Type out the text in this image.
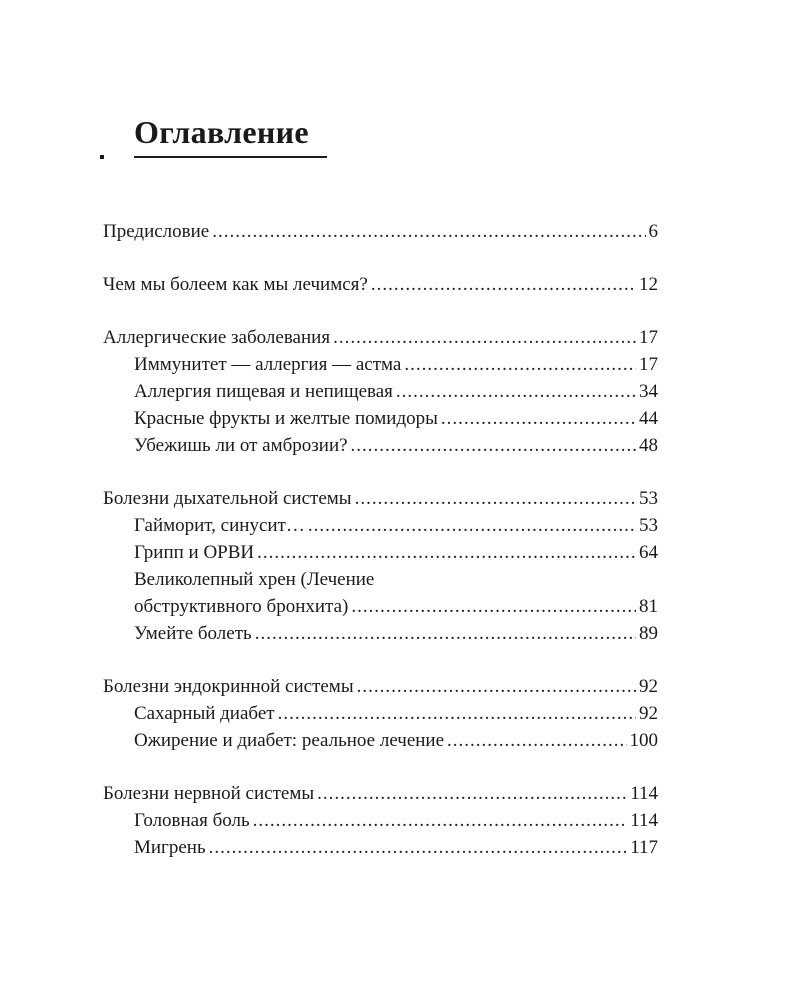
Оглавление
Предисловие .....	6
Чем мы болеем как мы лечимся? .....	12
Аллергические заболевания .....	17
Иммунитет — аллергия — астма .....	17
Аллергия пищевая и непищевая .....	34
Красные фрукты и желтые помидоры .....	44
Убежишь ли от амброзии? .....	48
Болезни дыхательной системы .....	53
Гайморит, синусит… .....	53
Грипп и ОРВИ .....	64
Великолепный хрен (Лечение
обструктивного бронхита) .....	81
Умейте болеть .....	89
Болезни эндокринной системы .....	92
Сахарный диабет .....	92
Ожирение и диабет: реальное лечение .....	100
Болезни нервной системы .....	114
Головная боль .....	114
Мигрень .....	117
